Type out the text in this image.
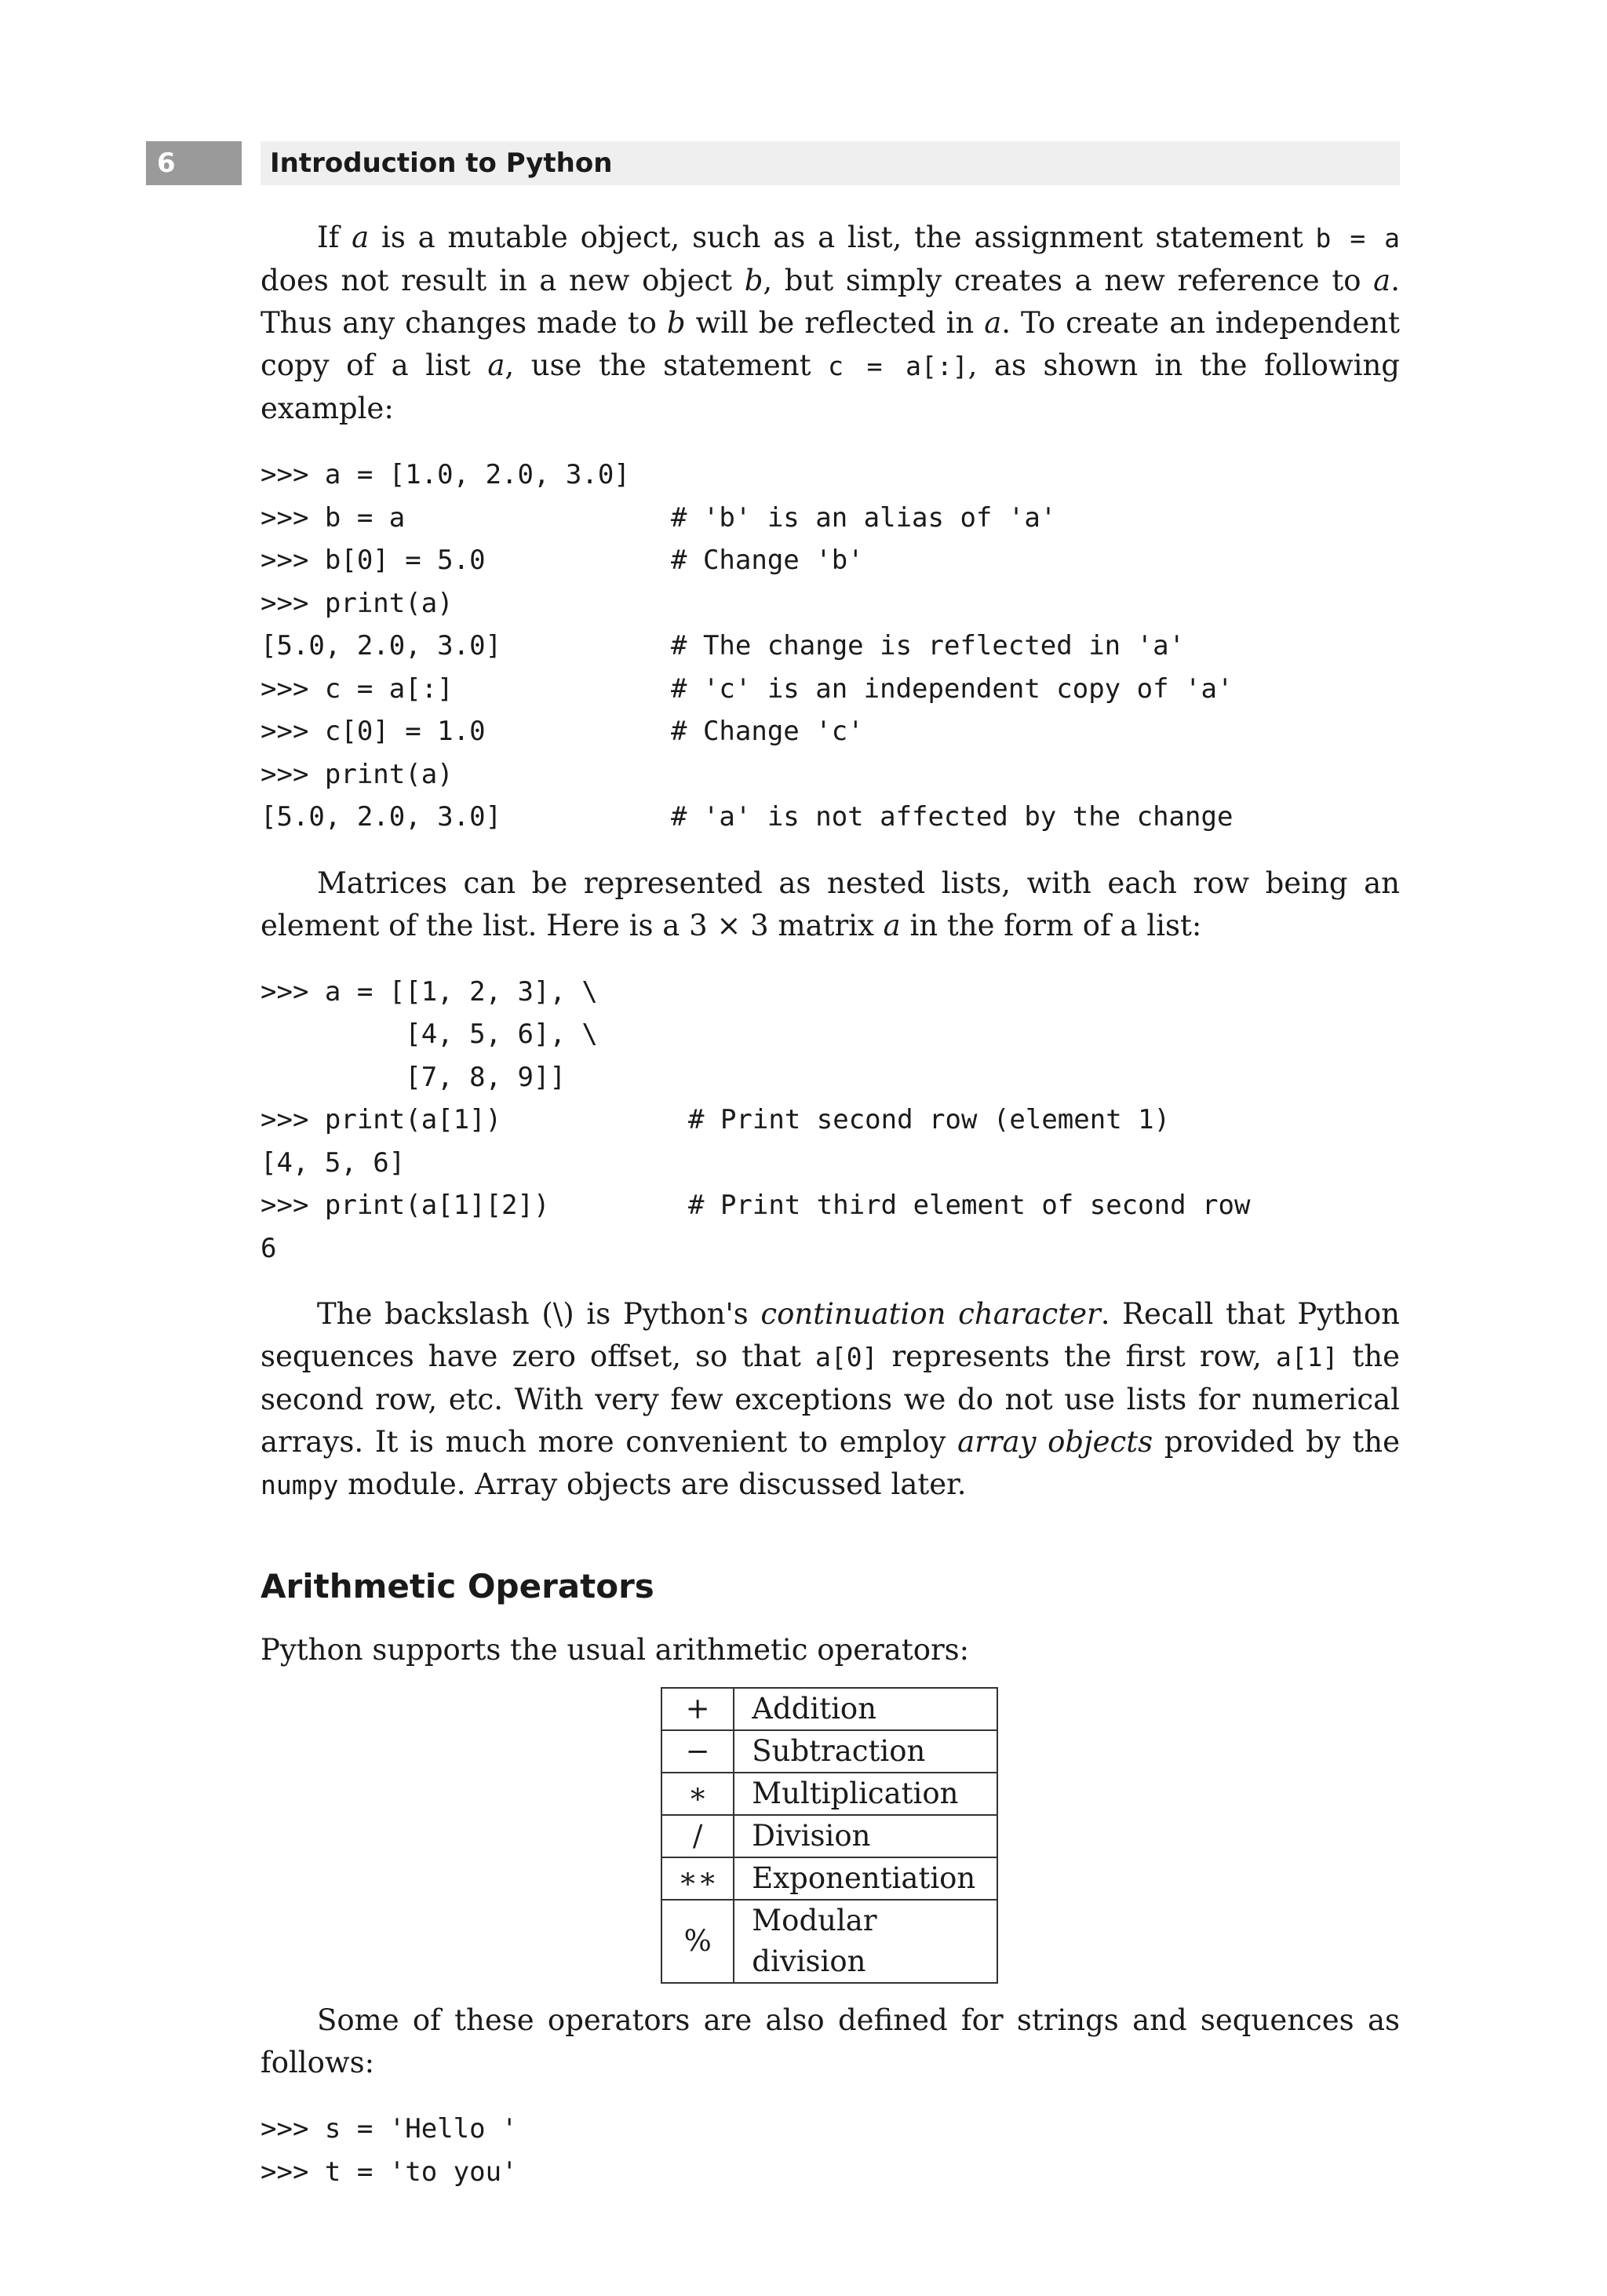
6	Introduction to Python

If a is a mutable object, such as a list, the assignment statement b = a does not result in a new object b, but simply creates a new reference to a. Thus any changes made to b will be reflected in a. To create an independent copy of a list a, use the statement c = a[:], as shown in the following example:

>>> a = [1.0, 2.0, 3.0]
>>> b = a	# 'b' is an alias of 'a'
>>> b[0] = 5.0	# Change 'b'
>>> print(a)
[5.0, 2.0, 3.0]	# The change is reflected in 'a'
>>> c = a[:]	# 'c' is an independent copy of 'a'
>>> c[0] = 1.0	# Change 'c'
>>> print(a)
[5.0, 2.0, 3.0]	# 'a' is not affected by the change

Matrices can be represented as nested lists, with each row being an element of the list. Here is a 3 × 3 matrix a in the form of a list:

>>> a = [[1, 2, 3], \
[4, 5, 6], \
[7, 8, 9]]
>>> print(a[1])	# Print second row (element 1)
[4, 5, 6]
>>> print(a[1][2])	# Print third element of second row
6

The backslash (\) is Python's continuation character. Recall that Python sequences have zero offset, so that a[0] represents the first row, a[1] the second row, etc. With very few exceptions we do not use lists for numerical arrays. It is much more convenient to employ array objects provided by the numpy module. Array objects are discussed later.

Arithmetic Operators

Python supports the usual arithmetic operators:

+	Addition
−	Subtraction
∗	Multiplication
/	Division
∗∗	Exponentiation
%	Modular division

Some of these operators are also defined for strings and sequences as follows:

>>> s = 'Hello '
>>> t = 'to you'
